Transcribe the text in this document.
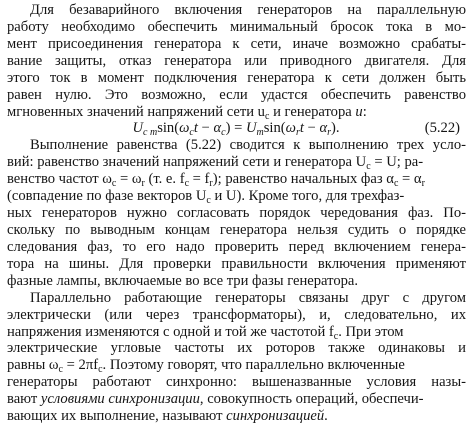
Для безаварийного включения генераторов на параллельную
работу необходимо обеспечить минимальный бросок тока в мо-
мент присоединения генератора к сети, иначе возможно срабаты-
вание защиты, отказ генератора или приводного двигателя. Для
этого ток в момент подключения генератора к сети должен быть
равен нулю. Это возможно, если удастся обеспечить равенство
мгновенных значений напряжений сети $u_c$ и генератора u:
$U_{c m}\sin(\omega_ct - \alpha_c) = U_m\sin(\omega_rt - \alpha_r)$.	(5.22)
Выполнение равенства (5.22) сводится к выполнению трех усло-
вий: равенство значений напряжений сети и генератора $U_c = U$; ра-
венство частот $\omega_c = \omega_r$ (т. е. $f_c = f_r$); равенство начальных фаз $\alpha_c = \alpha_r$
(совпадение по фазе векторов $U_c$ и U). Кроме того, для трехфаз-
ных генераторов нужно согласовать порядок чередования фаз. По-
скольку по выводным концам генератора нельзя судить о порядке
следования фаз, то его надо проверить перед включением генера-
тора на шины. Для проверки правильности включения применяют
фазные лампы, включаемые во все три фазы генератора.
Параллельно работающие генераторы связаны друг с другом
электрически (или через трансформаторы), и, следовательно, их
напряжения изменяются с одной и той же частотой $f_c$. При этом
электрические угловые частоты их роторов также одинаковы и
равны $\omega_c = 2\pi f_c$. Поэтому говорят, что параллельно включенные
генераторы работают синхронно: вышеназванные условия назы-
вают условиями синхронизации, совокупность операций, обеспечи-
вающих их выполнение, называют синхронизацией.
